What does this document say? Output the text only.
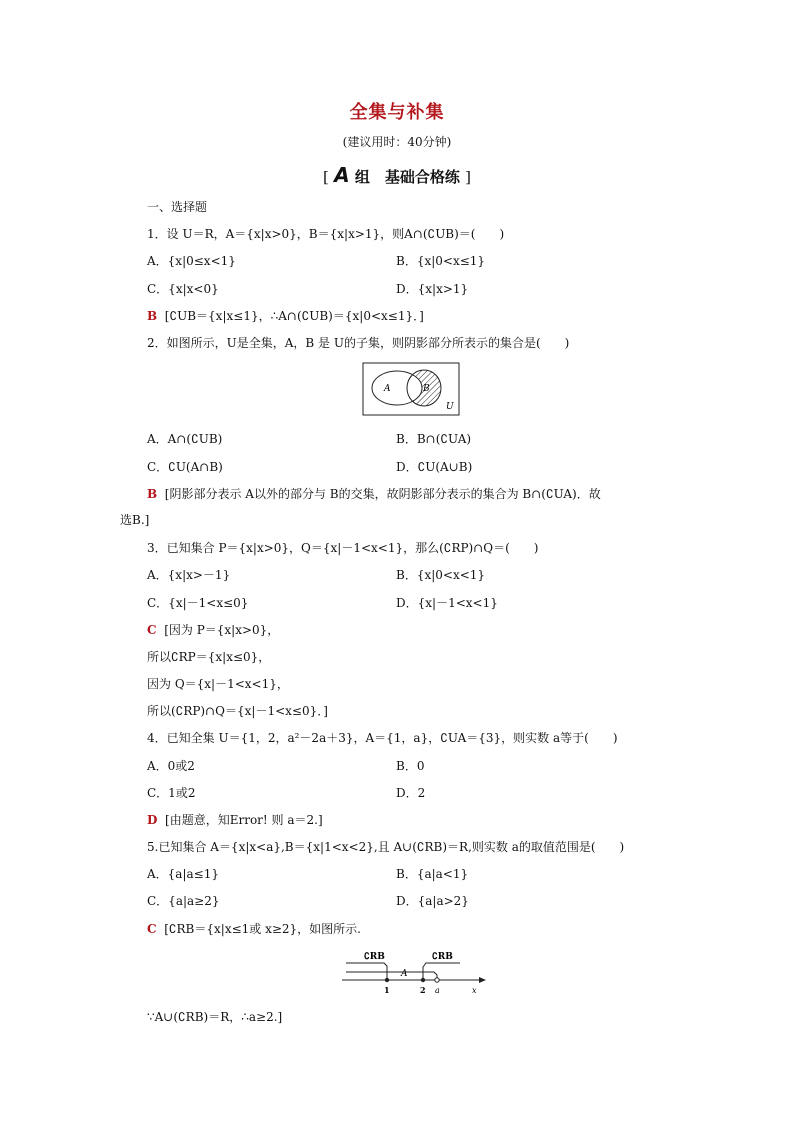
全集与补集
(建议用时：40分钟)
[ A 组　基础合格练 ]
一、选择题
1．设 U＝R，A＝{x|x>0}，B＝{x|x>1}，则A∩(∁UB)＝(　　)
A．{x|0≤x<1}	B．{x|0<x≤1}
C．{x|x<0}	D．{x|x>1}
B [∁UB＝{x|x≤1}，∴A∩(∁UB)＝{x|0<x≤1}．]
2．如图所示，U是全集，A，B 是 U的子集，则阴影部分所表示的集合是(　　)
A	B
U
A．A∩(∁UB)	B．B∩(∁UA)
C．∁U(A∩B)	D．∁U(A∪B)
B [阴影部分表示 A以外的部分与 B的交集，故阴影部分表示的集合为 B∩(∁UA)．故
选B.]
3．已知集合 P＝{x|x>0}，Q＝{x|－1<x<1}，那么(∁RP)∩Q＝(　　)
A．{x|x>－1}	B．{x|0<x<1}
C．{x|－1<x≤0}	D．{x|－1<x<1}
C [因为 P＝{x|x>0}，
所以∁RP＝{x|x≤0}，
因为 Q＝{x|－1<x<1}，
所以(∁RP)∩Q＝{x|－1<x≤0}．]
4．已知全集 U＝{1，2，a²－2a＋3}，A＝{1，a}，∁UA＝{3}，则实数 a等于(　　)
A．0或2	B．0
C．1或2	D．2
D [由题意，知Error! 则 a＝2.]
5.已知集合 A＝{x|x<a},B＝{x|1<x<2},且 A∪(∁RB)＝R,则实数 a的取值范围是(　　)
A．{a|a≤1}	B．{a|a<1}
C．{a|a≥2}	D．{a|a>2}
C [∁RB＝{x|x≤1或 x≥2}，如图所示.
∁RB	∁RB
A
1	2 a	x
∵A∪(∁RB)＝R，∴a≥2.]
